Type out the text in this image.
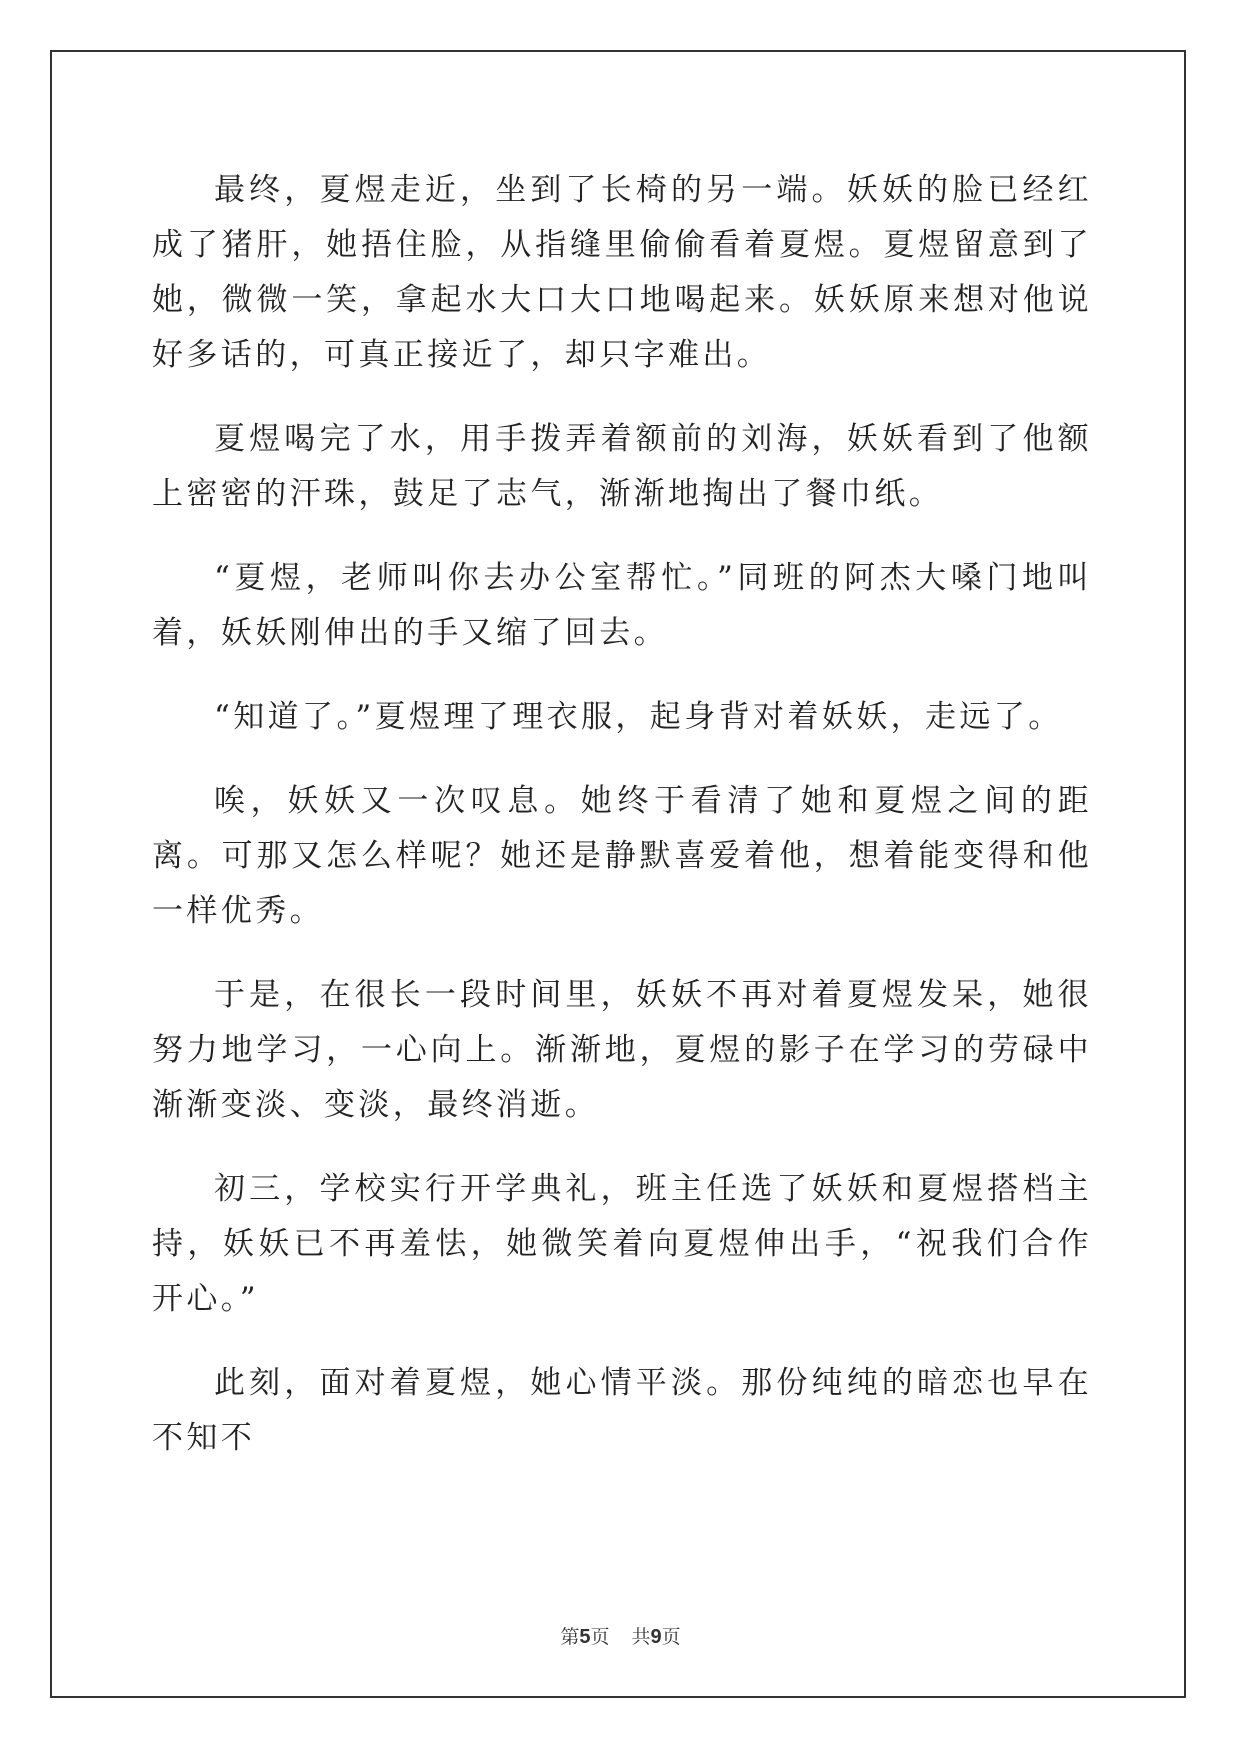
最终，夏煜走近，坐到了长椅的另一端。妖妖的脸已经红成了猪肝，她捂住脸，从指缝里偷偷看着夏煜。夏煜留意到了她，微微一笑，拿起水大口大口地喝起来。妖妖原来想对他说好多话的，可真正接近了，却只字难出。

夏煜喝完了水，用手拨弄着额前的刘海，妖妖看到了他额上密密的汗珠，鼓足了志气，渐渐地掏出了餐巾纸。

“夏煜，老师叫你去办公室帮忙。”同班的阿杰大嗓门地叫着，妖妖刚伸出的手又缩了回去。

“知道了。”夏煜理了理衣服，起身背对着妖妖，走远了。

唉，妖妖又一次叹息。她终于看清了她和夏煜之间的距离。可那又怎么样呢？她还是静默喜爱着他，想着能变得和他一样优秀。

于是，在很长一段时间里，妖妖不再对着夏煜发呆，她很努力地学习，一心向上。渐渐地，夏煜的影子在学习的劳碌中渐渐变淡、变淡，最终消逝。

初三，学校实行开学典礼，班主任选了妖妖和夏煜搭档主持，妖妖已不再羞怯，她微笑着向夏煜伸出手，“祝我们合作开心。”

此刻，面对着夏煜，她心情平淡。那份纯纯的暗恋也早在不知不

第5页 共9页
